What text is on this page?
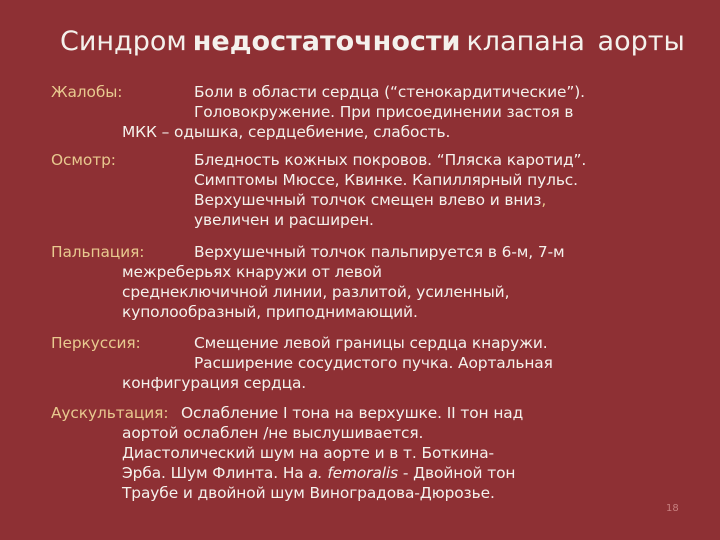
Синдром недостаточности клапана аорты
Жалобы:	Боли в области сердца (“стенокардитические”).
Головокружение. При присоединении застоя в
МКК – одышка, сердцебиение, слабость.
Осмотр:	Бледность кожных покровов. “Пляска каротид”.
Симптомы Мюссе, Квинке. Капиллярный пульс.
Верхушечный толчок смещен влево и вниз,
увеличен и расширен.
Пальпация:	Верхушечный толчок пальпируется в 6-м, 7-м
межреберьях кнаружи от левой
среднеключичной линии, разлитой, усиленный,
куполообразный, приподнимающий.
Перкуссия:	Смещение левой границы сердца кнаружи.
Расширение сосудистого пучка. Аортальная
конфигурация сердца.
Аускультация: Ослабление I тона на верхушке. II тон над
аортой ослаблен /не выслушивается.
Диастолический шум на аорте и в т. Боткина-
Эрба. Шум Флинта. На a. femoralis - Двойной тон
Траубе и двойной шум Виноградова-Дюрозье.
18
